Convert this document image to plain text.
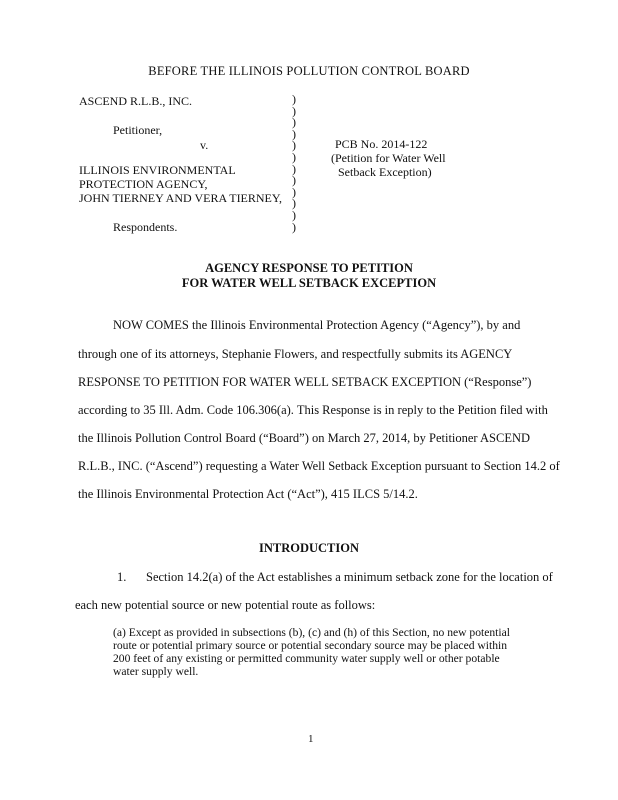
BEFORE THE ILLINOIS POLLUTION CONTROL BOARD
ASCEND R.L.B., INC.
Petitioner,
v.
ILLINOIS ENVIRONMENTAL
PROTECTION AGENCY,
JOHN TIERNEY AND VERA TIERNEY,
Respondents.
)
)
)
)
)
)
)
)
)
)
)
)
PCB No. 2014-122
(Petition for Water Well
Setback Exception)
AGENCY RESPONSE TO PETITION
FOR WATER WELL SETBACK EXCEPTION
NOW COMES the Illinois Environmental Protection Agency (“Agency”), by and
through one of its attorneys, Stephanie Flowers, and respectfully submits its AGENCY
RESPONSE TO PETITION FOR WATER WELL SETBACK EXCEPTION (“Response”)
according to 35 Ill. Adm. Code 106.306(a). This Response is in reply to the Petition filed with
the Illinois Pollution Control Board (“Board”) on March 27, 2014, by Petitioner ASCEND
R.L.B., INC. (“Ascend”) requesting a Water Well Setback Exception pursuant to Section 14.2 of
the Illinois Environmental Protection Act (“Act”), 415 ILCS 5/14.2.
INTRODUCTION
1. Section 14.2(a) of the Act establishes a minimum setback zone for the location of
each new potential source or new potential route as follows:
(a) Except as provided in subsections (b), (c) and (h) of this Section, no new potential
route or potential primary source or potential secondary source may be placed within
200 feet of any existing or permitted community water supply well or other potable
water supply well.
1
